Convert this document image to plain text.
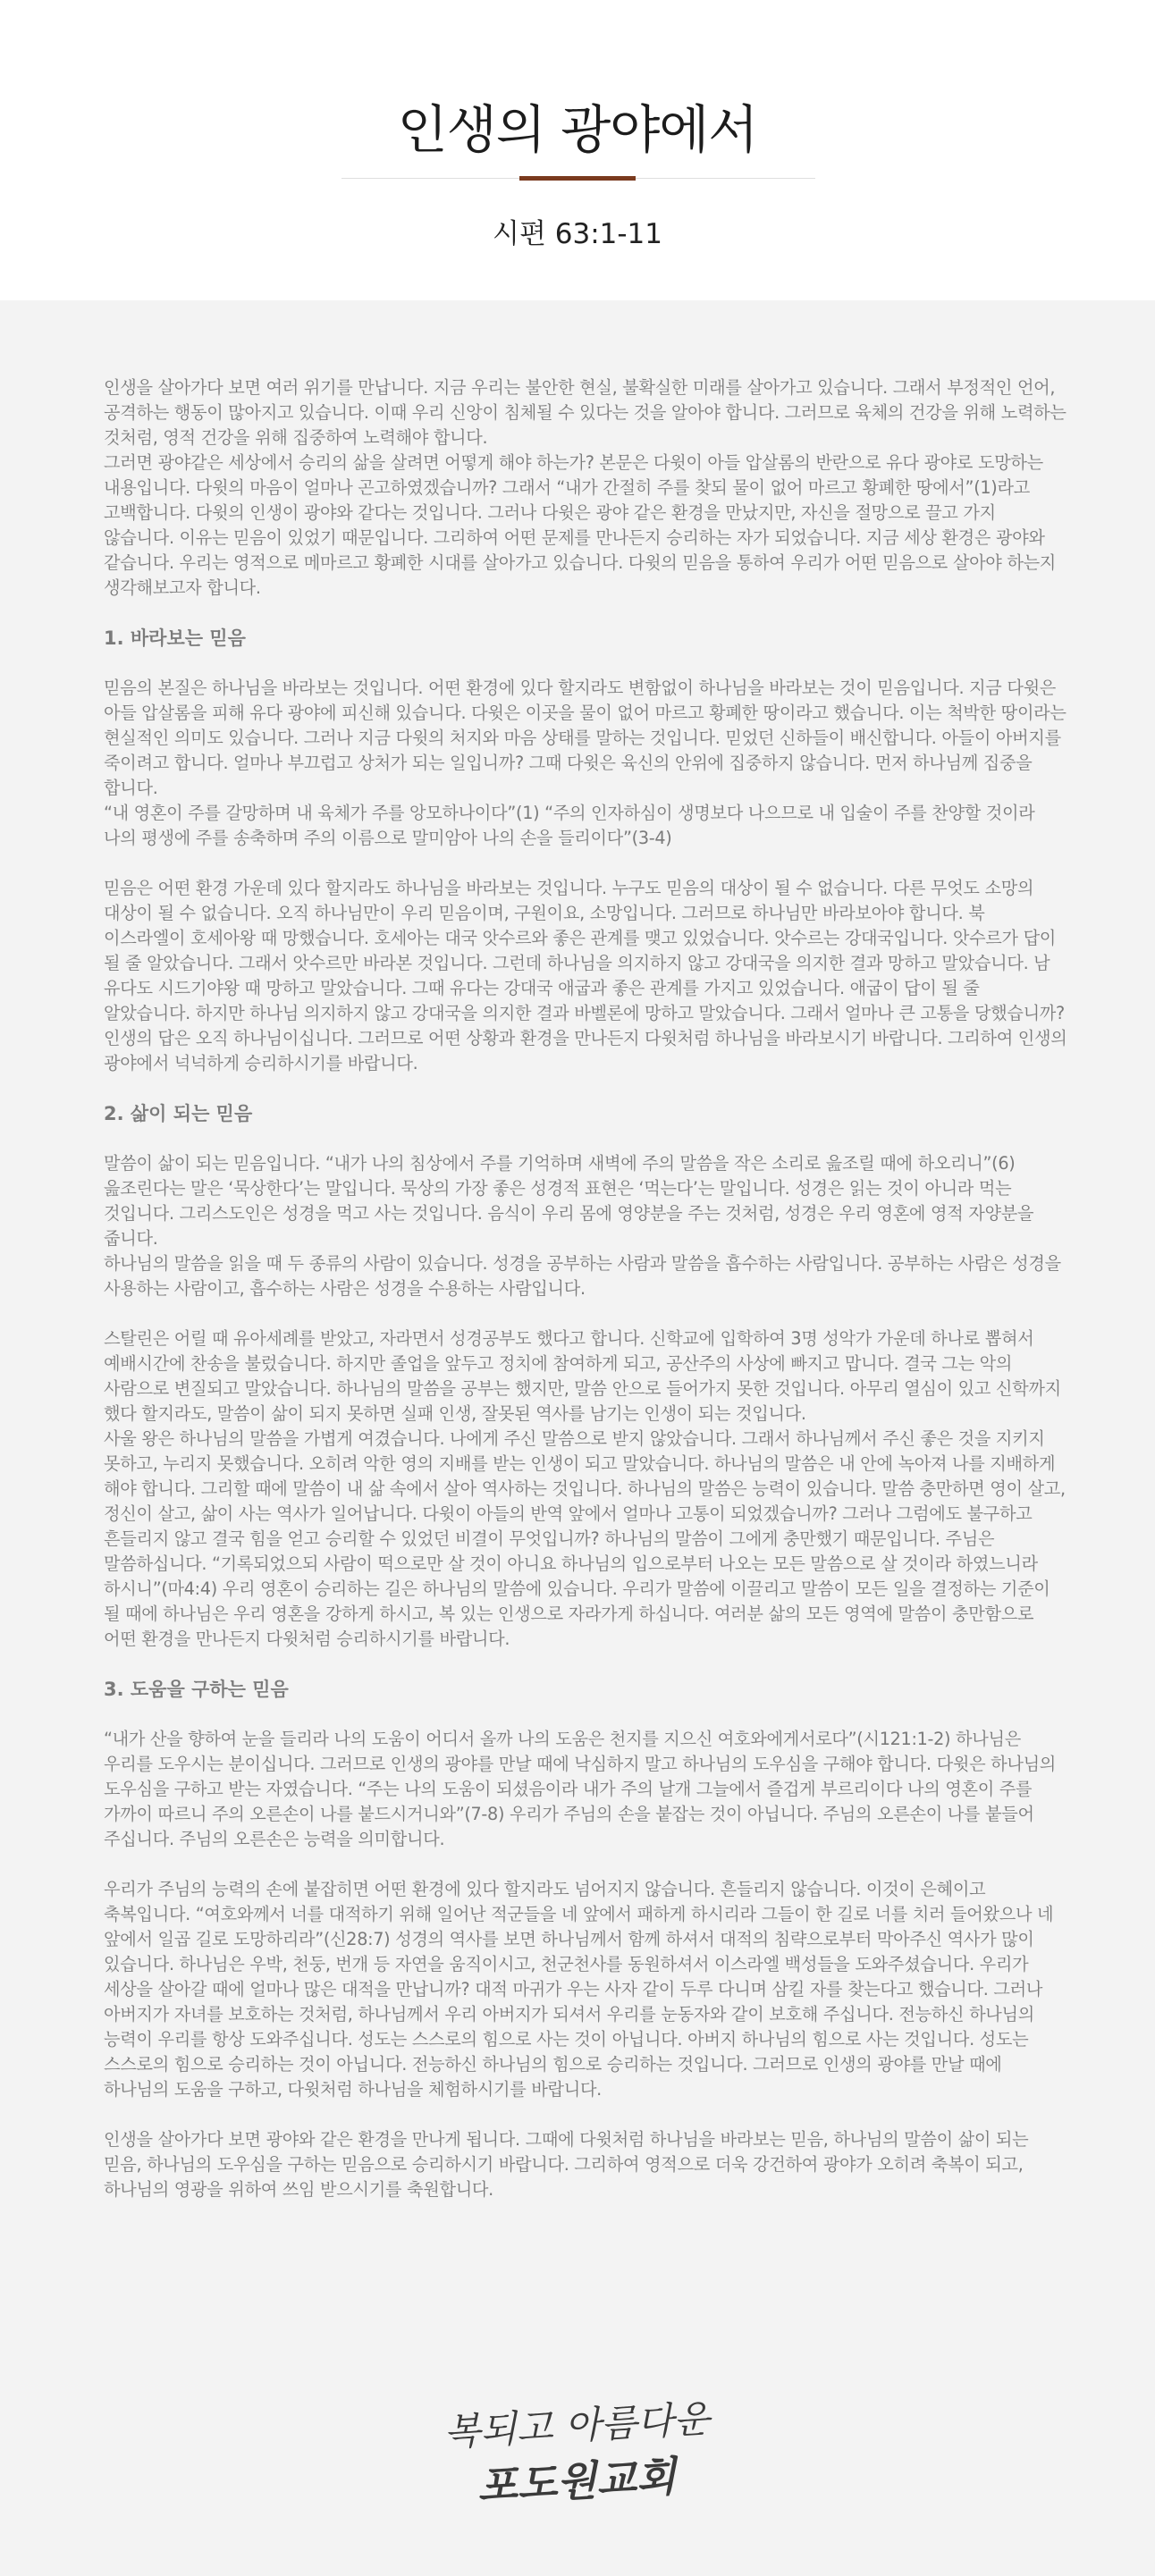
인생의 광야에서
시편 63:1-11

인생을 살아가다 보면 여러 위기를 만납니다. 지금 우리는 불안한 현실, 불확실한 미래를 살아가고 있습니다. 그래서 부정적인 언어, 공격하는 행동이 많아지고 있습니다. 이때 우리 신앙이 침체될 수 있다는 것을 알아야 합니다. 그러므로 육체의 건강을 위해 노력하는 것처럼, 영적 건강을 위해 집중하여 노력해야 합니다.

그러면 광야같은 세상에서 승리의 삶을 살려면 어떻게 해야 하는가? 본문은 다윗이 아들 압살롬의 반란으로 유다 광야로 도망하는 내용입니다. 다윗의 마음이 얼마나 곤고하였겠습니까? 그래서 “내가 간절히 주를 찾되 물이 없어 마르고 황폐한 땅에서”(1)라고 고백합니다. 다윗의 인생이 광야와 같다는 것입니다. 그러나 다윗은 광야 같은 환경을 만났지만, 자신을 절망으로 끌고 가지 않습니다. 이유는 믿음이 있었기 때문입니다. 그리하여 어떤 문제를 만나든지 승리하는 자가 되었습니다. 지금 세상 환경은 광야와 같습니다. 우리는 영적으로 메마르고 황폐한 시대를 살아가고 있습니다. 다윗의 믿음을 통하여 우리가 어떤 믿음으로 살아야 하는지 생각해보고자 합니다.

1. 바라보는 믿음

믿음의 본질은 하나님을 바라보는 것입니다. 어떤 환경에 있다 할지라도 변함없이 하나님을 바라보는 것이 믿음입니다. 지금 다윗은 아들 압살롬을 피해 유다 광야에 피신해 있습니다. 다윗은 이곳을 물이 없어 마르고 황폐한 땅이라고 했습니다. 이는 척박한 땅이라는 현실적인 의미도 있습니다. 그러나 지금 다윗의 처지와 마음 상태를 말하는 것입니다. 믿었던 신하들이 배신합니다. 아들이 아버지를 죽이려고 합니다. 얼마나 부끄럽고 상처가 되는 일입니까? 그때 다윗은 육신의 안위에 집중하지 않습니다. 먼저 하나님께 집중을 합니다.

“내 영혼이 주를 갈망하며 내 육체가 주를 앙모하나이다”(1) “주의 인자하심이 생명보다 나으므로 내 입술이 주를 찬양할 것이라 나의 평생에 주를 송축하며 주의 이름으로 말미암아 나의 손을 들리이다”(3-4)

믿음은 어떤 환경 가운데 있다 할지라도 하나님을 바라보는 것입니다. 누구도 믿음의 대상이 될 수 없습니다. 다른 무엇도 소망의 대상이 될 수 없습니다. 오직 하나님만이 우리 믿음이며, 구원이요, 소망입니다. 그러므로 하나님만 바라보아야 합니다. 북 이스라엘이 호세아왕 때 망했습니다. 호세아는 대국 앗수르와 좋은 관계를 맺고 있었습니다. 앗수르는 강대국입니다. 앗수르가 답이 될 줄 알았습니다. 그래서 앗수르만 바라본 것입니다. 그런데 하나님을 의지하지 않고 강대국을 의지한 결과 망하고 말았습니다. 남 유다도 시드기야왕 때 망하고 말았습니다. 그때 유다는 강대국 애굽과 좋은 관계를 가지고 있었습니다. 애굽이 답이 될 줄 알았습니다. 하지만 하나님 의지하지 않고 강대국을 의지한 결과 바벨론에 망하고 말았습니다. 그래서 얼마나 큰 고통을 당했습니까? 인생의 답은 오직 하나님이십니다. 그러므로 어떤 상황과 환경을 만나든지 다윗처럼 하나님을 바라보시기 바랍니다. 그리하여 인생의 광야에서 넉넉하게 승리하시기를 바랍니다.

2. 삶이 되는 믿음

말씀이 삶이 되는 믿음입니다. “내가 나의 침상에서 주를 기억하며 새벽에 주의 말씀을 작은 소리로 읊조릴 때에 하오리니”(6) 읊조린다는 말은 ‘묵상한다’는 말입니다. 묵상의 가장 좋은 성경적 표현은 ‘먹는다’는 말입니다. 성경은 읽는 것이 아니라 먹는 것입니다. 그리스도인은 성경을 먹고 사는 것입니다. 음식이 우리 몸에 영양분을 주는 것처럼, 성경은 우리 영혼에 영적 자양분을 줍니다.

하나님의 말씀을 읽을 때 두 종류의 사람이 있습니다. 성경을 공부하는 사람과 말씀을 흡수하는 사람입니다. 공부하는 사람은 성경을 사용하는 사람이고, 흡수하는 사람은 성경을 수용하는 사람입니다.

스탈린은 어릴 때 유아세례를 받았고, 자라면서 성경공부도 했다고 합니다. 신학교에 입학하여 3명 성악가 가운데 하나로 뽑혀서 예배시간에 찬송을 불렀습니다. 하지만 졸업을 앞두고 정치에 참여하게 되고, 공산주의 사상에 빠지고 맙니다. 결국 그는 악의 사람으로 변질되고 말았습니다. 하나님의 말씀을 공부는 했지만, 말씀 안으로 들어가지 못한 것입니다. 아무리 열심이 있고 신학까지 했다 할지라도, 말씀이 삶이 되지 못하면 실패 인생, 잘못된 역사를 남기는 인생이 되는 것입니다.

사울 왕은 하나님의 말씀을 가볍게 여겼습니다. 나에게 주신 말씀으로 받지 않았습니다. 그래서 하나님께서 주신 좋은 것을 지키지 못하고, 누리지 못했습니다. 오히려 악한 영의 지배를 받는 인생이 되고 말았습니다. 하나님의 말씀은 내 안에 녹아져 나를 지배하게 해야 합니다. 그리할 때에 말씀이 내 삶 속에서 살아 역사하는 것입니다. 하나님의 말씀은 능력이 있습니다. 말씀 충만하면 영이 살고, 정신이 살고, 삶이 사는 역사가 일어납니다. 다윗이 아들의 반역 앞에서 얼마나 고통이 되었겠습니까? 그러나 그럼에도 불구하고 흔들리지 않고 결국 힘을 얻고 승리할 수 있었던 비결이 무엇입니까? 하나님의 말씀이 그에게 충만했기 때문입니다. 주님은 말씀하십니다. “기록되었으되 사람이 떡으로만 살 것이 아니요 하나님의 입으로부터 나오는 모든 말씀으로 살 것이라 하였느니라 하시니”(마4:4) 우리 영혼이 승리하는 길은 하나님의 말씀에 있습니다. 우리가 말씀에 이끌리고 말씀이 모든 일을 결정하는 기준이 될 때에 하나님은 우리 영혼을 강하게 하시고, 복 있는 인생으로 자라가게 하십니다. 여러분 삶의 모든 영역에 말씀이 충만함으로 어떤 환경을 만나든지 다윗처럼 승리하시기를 바랍니다.

3. 도움을 구하는 믿음

“내가 산을 향하여 눈을 들리라 나의 도움이 어디서 올까 나의 도움은 천지를 지으신 여호와에게서로다”(시121:1-2) 하나님은 우리를 도우시는 분이십니다. 그러므로 인생의 광야를 만날 때에 낙심하지 말고 하나님의 도우심을 구해야 합니다. 다윗은 하나님의 도우심을 구하고 받는 자였습니다. “주는 나의 도움이 되셨음이라 내가 주의 날개 그늘에서 즐겁게 부르리이다 나의 영혼이 주를 가까이 따르니 주의 오른손이 나를 붙드시거니와”(7-8) 우리가 주님의 손을 붙잡는 것이 아닙니다. 주님의 오른손이 나를 붙들어 주십니다. 주님의 오른손은 능력을 의미합니다.

우리가 주님의 능력의 손에 붙잡히면 어떤 환경에 있다 할지라도 넘어지지 않습니다. 흔들리지 않습니다. 이것이 은혜이고 축복입니다. “여호와께서 너를 대적하기 위해 일어난 적군들을 네 앞에서 패하게 하시리라 그들이 한 길로 너를 치러 들어왔으나 네 앞에서 일곱 길로 도망하리라”(신28:7) 성경의 역사를 보면 하나님께서 함께 하셔서 대적의 침략으로부터 막아주신 역사가 많이 있습니다. 하나님은 우박, 천둥, 번개 등 자연을 움직이시고, 천군천사를 동원하셔서 이스라엘 백성들을 도와주셨습니다. 우리가 세상을 살아갈 때에 얼마나 많은 대적을 만납니까? 대적 마귀가 우는 사자 같이 두루 다니며 삼킬 자를 찾는다고 했습니다. 그러나 아버지가 자녀를 보호하는 것처럼, 하나님께서 우리 아버지가 되셔서 우리를 눈동자와 같이 보호해 주십니다. 전능하신 하나님의 능력이 우리를 항상 도와주십니다. 성도는 스스로의 힘으로 사는 것이 아닙니다. 아버지 하나님의 힘으로 사는 것입니다. 성도는 스스로의 힘으로 승리하는 것이 아닙니다. 전능하신 하나님의 힘으로 승리하는 것입니다. 그러므로 인생의 광야를 만날 때에 하나님의 도움을 구하고, 다윗처럼 하나님을 체험하시기를 바랍니다.

인생을 살아가다 보면 광야와 같은 환경을 만나게 됩니다. 그때에 다윗처럼 하나님을 바라보는 믿음, 하나님의 말씀이 삶이 되는 믿음, 하나님의 도우심을 구하는 믿음으로 승리하시기 바랍니다. 그리하여 영적으로 더욱 강건하여 광야가 오히려 축복이 되고, 하나님의 영광을 위하여 쓰임 받으시기를 축원합니다.

복되고 아름다운
포도원교회
